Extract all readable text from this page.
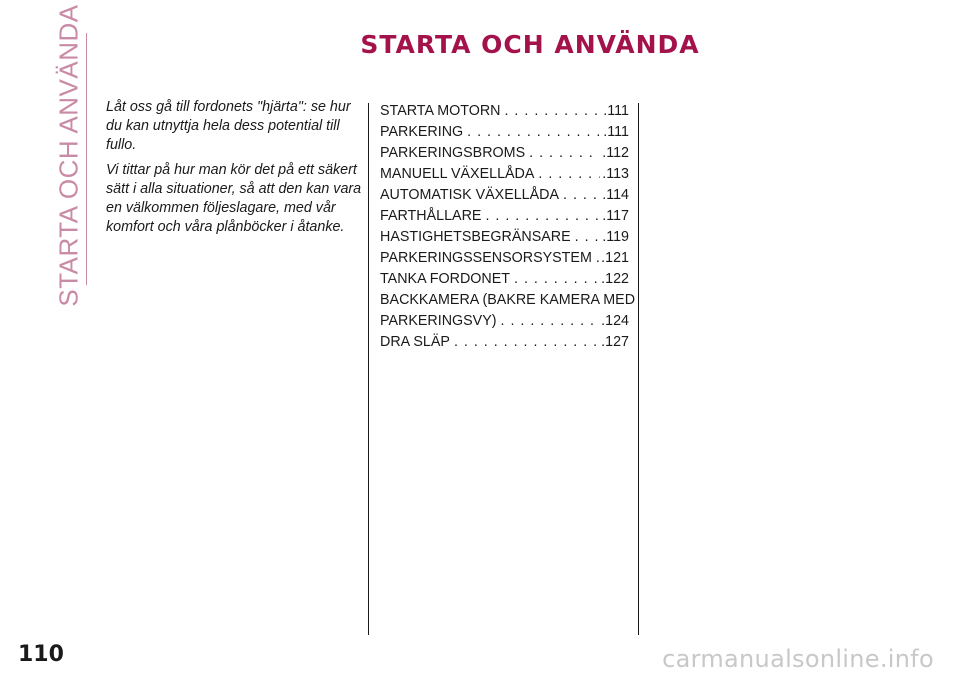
STARTA OCH ANVÄNDA	STARTA OCH ANVÄNDA

Låt oss gå till fordonets "hjärta": se hur du kan utnyttja hela dess potential till fullo.

Vi tittar på hur man kör det på ett säkert sätt i alla situationer, så att den kan vara en välkommen följeslagare, med vår komfort och våra plånböcker i åtanke.

STARTA MOTORN . . .	.111
PARKERING . . .	.111
PARKERINGSBROMS . . .	.112
MANUELL VÄXELLÅDA . . .	.113
AUTOMATISK VÄXELLÅDA . . .	.114
FARTHÅLLARE . . .	.117
HASTIGHETSBEGRÄNSARE . . . .119
PARKERINGSSENSORSYSTEM . . . .121
TANKA FORDONET . . .	.122
BACKKAMERA (BAKRE KAMERA MED
PARKERINGSVY) . . .	.124
DRA SLÄP . . .	.127
110	carmanualsonline.info
